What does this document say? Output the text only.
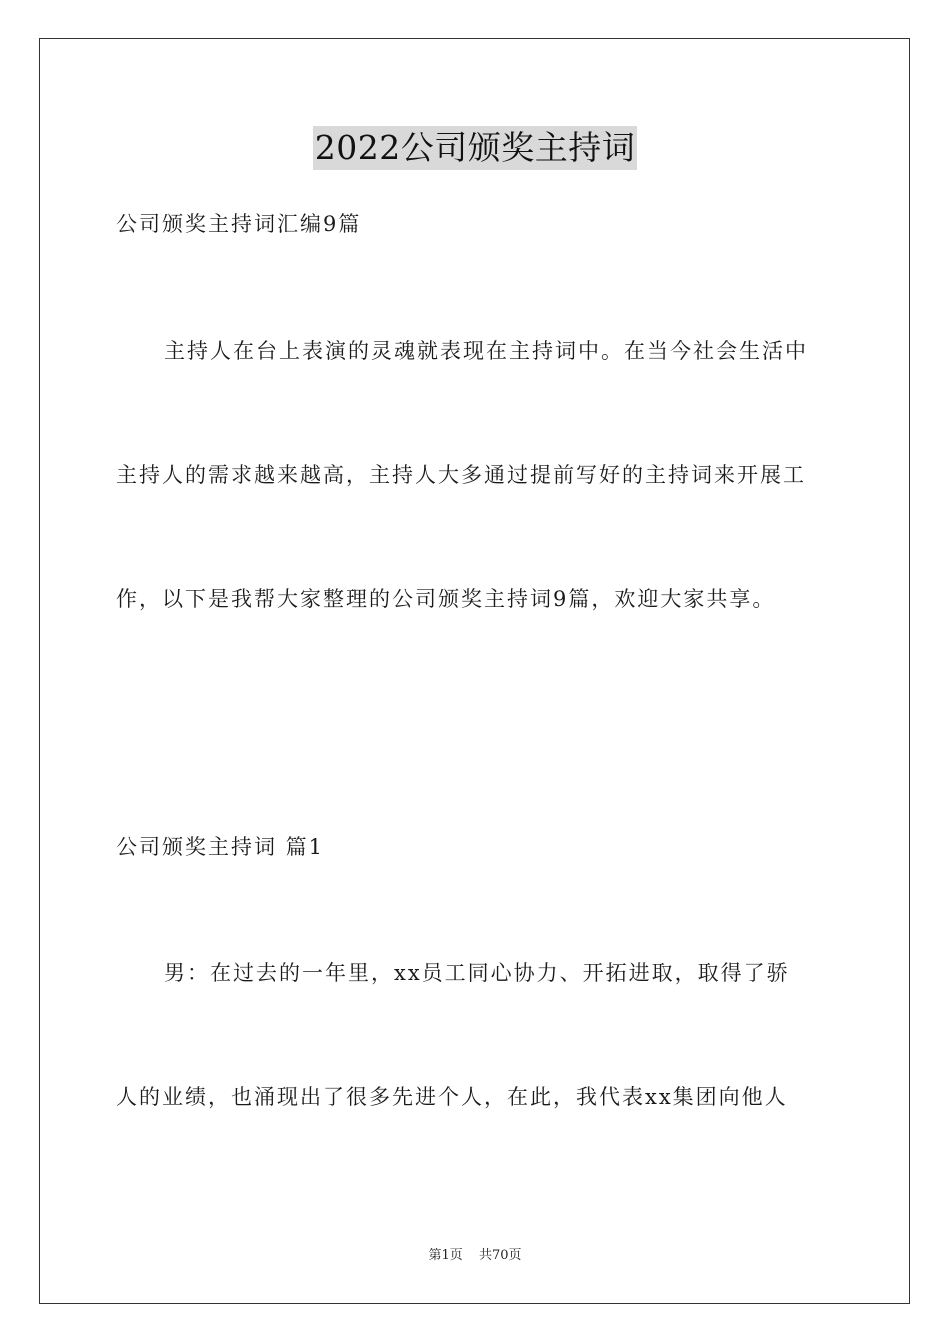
2022公司颁奖主持词
公司颁奖主持词汇编9篇
主持人在台上表演的灵魂就表现在主持词中。在当今社会生活中
主持人的需求越来越高，主持人大多通过提前写好的主持词来开展工
作，以下是我帮大家整理的公司颁奖主持词9篇，欢迎大家共享。
公司颁奖主持词 篇1
男：在过去的一年里，xx员工同心协力、开拓进取，取得了骄
人的业绩，也涌现出了很多先进个人，在此，我代表xx集团向他人
第1页 共70页
